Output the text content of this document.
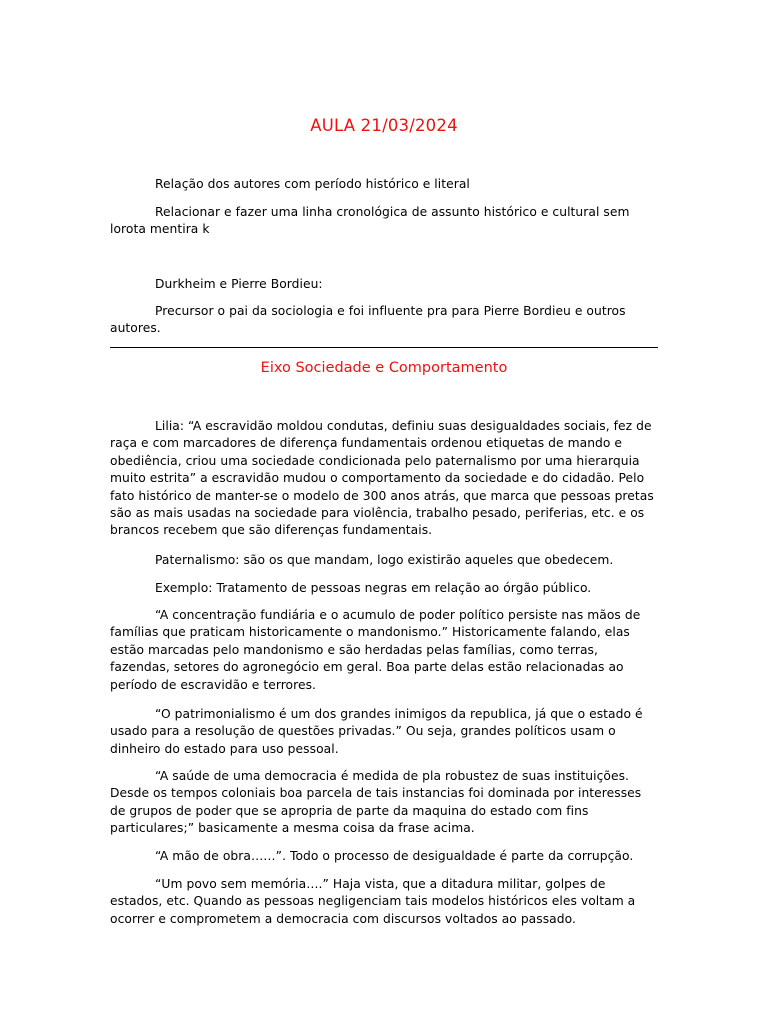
AULA 21/03/2024

Relação dos autores com período histórico e literal

Relacionar e fazer uma linha cronológica de assunto histórico e cultural sem lorota mentira k

Durkheim e Pierre Bordieu:

Precursor o pai da sociologia e foi influente pra para Pierre Bordieu e outros autores.

Eixo Sociedade e Comportamento

Lilia: “A escravidão moldou condutas, definiu suas desigualdades sociais, fez de raça e com marcadores de diferença fundamentais ordenou etiquetas de mando e obediência, criou uma sociedade condicionada pelo paternalismo por uma hierarquia muito estrita” a escravidão mudou o comportamento da sociedade e do cidadão. Pelo fato histórico de manter-se o modelo de 300 anos atrás, que marca que pessoas pretas são as mais usadas na sociedade para violência, trabalho pesado, periferias, etc. e os brancos recebem que são diferenças fundamentais.

Paternalismo: são os que mandam, logo existirão aqueles que obedecem.

Exemplo: Tratamento de pessoas negras em relação ao órgão público.

“A concentração fundiária e o acumulo de poder político persiste nas mãos de famílias que praticam historicamente o mandonismo.” Historicamente falando, elas estão marcadas pelo mandonismo e são herdadas pelas famílias, como terras, fazendas, setores do agronegócio em geral. Boa parte delas estão relacionadas ao período de escravidão e terrores.

“O patrimonialismo é um dos grandes inimigos da republica, já que o estado é usado para a resolução de questões privadas.” Ou seja, grandes políticos usam o dinheiro do estado para uso pessoal.

“A saúde de uma democracia é medida de pla robustez de suas instituições. Desde os tempos coloniais boa parcela de tais instancias foi dominada por interesses de grupos de poder que se apropria de parte da maquina do estado com fins particulares;” basicamente a mesma coisa da frase acima.

“A mão de obra……”. Todo o processo de desigualdade é parte da corrupção.

“Um povo sem memória….” Haja vista, que a ditadura militar, golpes de estados, etc. Quando as pessoas negligenciam tais modelos históricos eles voltam a ocorrer e comprometem a democracia com discursos voltados ao passado.
